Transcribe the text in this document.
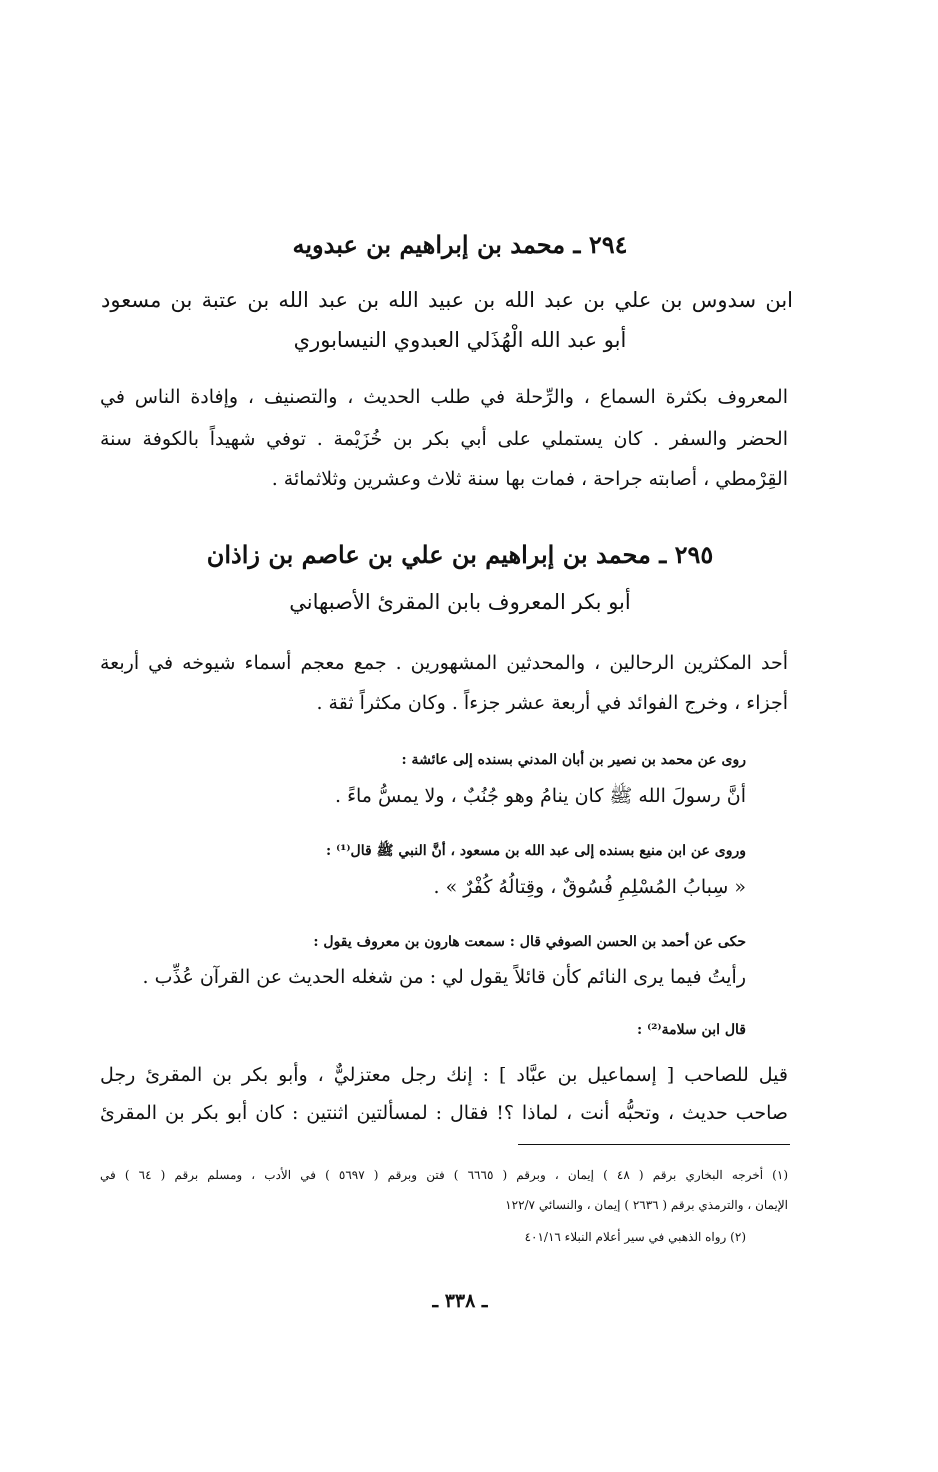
٢٩٤ ـ محمد بن إبراهيم بن عبدويه

ابن سدوس بن علي بن عبد الله بن عبيد الله بن عبد الله بن عتبة بن مسعود

أبو عبد الله الْهُذَلي العبدوي النيسابوري

المعروف بكثرة السماع ، والرِّحلة في طلب الحديث ، والتصنيف ، وإفادة الناس في

الحضر والسفر . كان يستملي على أبي بكر بن خُزَيْمة . توفي شهيداً بالكوفة سنة

القِرْمطي ، أصابته جراحة ، فمات بها سنة ثلاث وعشرين وثلاثمائة .

٢٩٥ ـ محمد بن إبراهيم بن علي بن عاصم بن زاذان

أبو بكر المعروف بابن المقرئ الأصبهاني

أحد المكثرين الرحالين ، والمحدثين المشهورين . جمع معجم أسماء شيوخه في أربعة

أجزاء ، وخرج الفوائد في أربعة عشر جزءاً . وكان مكثراً ثقة .

روى عن محمد بن نصير بن أبان المدني بسنده إلى عائشة :

أنَّ رسولَ الله ﷺ كان ينامُ وهو جُنُبٌ ، ولا يمسُّ ماءً .

وروى عن ابن منيع بسنده إلى عبد الله بن مسعود ، أنَّ النبي ﷺ قال⁽¹⁾ :

« سِبابُ المُسْلِمِ فُسُوقٌ ، وقِتالُهُ كُفْرٌ » .

حكى عن أحمد بن الحسن الصوفي قال : سمعت هارون بن معروف يقول :

رأيتُ فيما يرى النائم كأن قائلاً يقول لي : من شغله الحديث عن القرآن عُذِّب .

قال ابن سلامة⁽²⁾ :

قيل للصاحب [ إسماعيل بن عبَّاد ] : إنك رجل معتزليٌّ ، وأبو بكر بن المقرئ رجل

صاحب حديث ، وتحبُّه أنت ، لماذا ؟! فقال : لمسألتين اثنتين : كان أبو بكر بن المقرئ

(١) أخرجه البخاري برقم ( ٤٨ ) إيمان ، وبرقم ( ٦٦٦٥ ) فتن وبرقم ( ٥٦٩٧ ) في الأدب ، ومسلم برقم ( ٦٤ ) في

الإيمان ، والترمذي برقم ( ٢٦٣٦ ) إيمان ، والنسائي ١٢٢/٧

(٢) رواه الذهبي في سير أعلام النبلاء ٤٠١/١٦

ـ ٣٣٨ ـ
